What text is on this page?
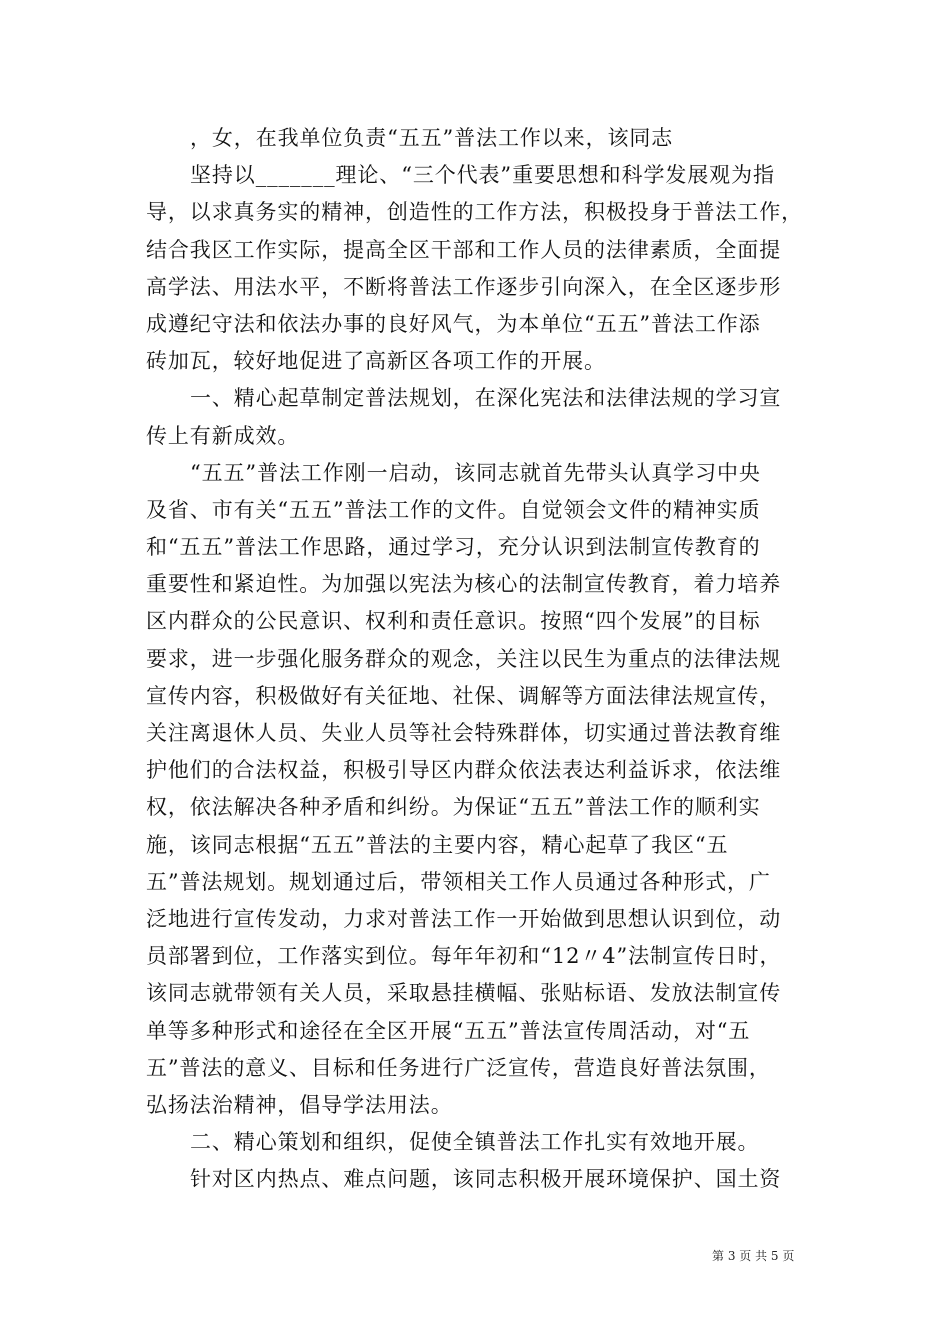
，女，在我单位负责“五五”普法工作以来，该同志
坚持以_______理论、“三个代表”重要思想和科学发展观为指
导，以求真务实的精神，创造性的工作方法，积极投身于普法工作，
结合我区工作实际，提高全区干部和工作人员的法律素质，全面提
高学法、用法水平，不断将普法工作逐步引向深入，在全区逐步形
成遵纪守法和依法办事的良好风气，为本单位“五五”普法工作添
砖加瓦，较好地促进了高新区各项工作的开展。
一、精心起草制定普法规划，在深化宪法和法律法规的学习宣
传上有新成效。
“五五”普法工作刚一启动，该同志就首先带头认真学习中央
及省、市有关“五五”普法工作的文件。自觉领会文件的精神实质
和“五五”普法工作思路，通过学习，充分认识到法制宣传教育的
重要性和紧迫性。为加强以宪法为核心的法制宣传教育，着力培养
区内群众的公民意识、权利和责任意识。按照“四个发展”的目标
要求，进一步强化服务群众的观念，关注以民生为重点的法律法规
宣传内容，积极做好有关征地、社保、调解等方面法律法规宣传，
关注离退休人员、失业人员等社会特殊群体，切实通过普法教育维
护他们的合法权益，积极引导区内群众依法表达利益诉求，依法维
权，依法解决各种矛盾和纠纷。为保证“五五”普法工作的顺利实
施，该同志根据“五五”普法的主要内容，精心起草了我区“五
五”普法规划。规划通过后，带领相关工作人员通过各种形式，广
泛地进行宣传发动，力求对普法工作一开始做到思想认识到位，动
员部署到位，工作落实到位。每年年初和“12〃4”法制宣传日时，
该同志就带领有关人员，采取悬挂横幅、张贴标语、发放法制宣传
单等多种形式和途径在全区开展“五五”普法宣传周活动，对“五
五”普法的意义、目标和任务进行广泛宣传，营造良好普法氛围，
弘扬法治精神，倡导学法用法。
二、精心策划和组织，促使全镇普法工作扎实有效地开展。
针对区内热点、难点问题，该同志积极开展环境保护、国土资
第 3 页 共 5 页
